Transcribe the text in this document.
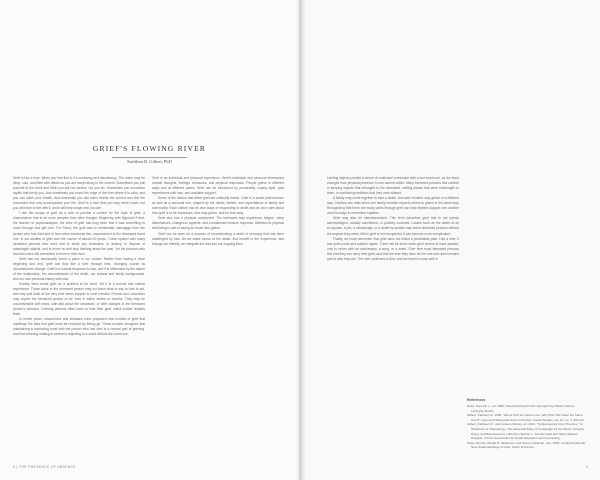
GRIEF'S FLOWING RIVER
Kathleen R. Gilbert, PhD

Grief is like a river. When you first find it, it's confusing and disorienting. The water may be deep, cold, and filled with debris so you are swept along in the current. Sometimes you pull yourself to the bank and think you will not survive, but you do. Sometimes you encounter rapids that terrify you. And sometimes you reach the edge of the river where it is calm, and you can catch your breath. And eventually you can swim beside the current and feel the movement that now accompanies your life. Grief is a river that you may never leave, but you will learn to live with it, and it will help shape who you are.

I use this image of grief as a river to provide a context for the topic of grief, a phenomenon that is far more complex than often thought. Beginning with Sigmund Freud, the founder of psychoanalysis, the view of grief has long been that it was something to move through and get over. For Freud, the goal was to emotionally disengage from the person who has died and to form other emotional ties, unconnected to the deceased loved one. In our studies of grief over the course of almost 40 years, I have spoken with many bereaved persons who were told to avoid any reminders, to destroy or dispose of meaningful objects, and to move on and stop thinking about the past. Yet the persons who had died were still connected to them in their lives.

Grief has not necessarily found a place in our culture. Rather than having a clear beginning and end, grief can flow like a river through time, changing course as circumstances change. Grief is a natural response to loss, and it is influenced by the nature of the relationship, the circumstances of the death, our cultural and family backgrounds, and our own personal history with loss.

Society often treats grief as a problem to be fixed. Yet it is a normal and natural experience. Those close to the bereaved person may not know what to say or how to act, and may pull back at the very time when support is most needed. Friends and coworkers may expect the bereaved person to be 'over it' within weeks or months. They may be uncomfortable with tears, with talk about the deceased, or with changes in the bereaved person's behavior. Grieving persons often learn to hide their grief, which further isolates them.

In recent years, researchers and clinicians have proposed new models of grief that challenge the idea that grief must be resolved by letting go. These models recognize that maintaining a continuing bond with the person who has died is a normal part of grieving, and that meaning-making is central to adjusting to a world without the loved one.

Grief is an individual and personal experience. Grief's individual and personal dimensions include thoughts, feelings, behaviors, and physical responses. People grieve in different ways and at different paces. Grief can be influenced by personality, coping style, past experiences with loss, and available support.

Some of the factors that affect grief are culturally based. Grief is a social phenomenon as well as a personal one, shaped by the rituals, beliefs, and expectations of family and community. Each culture has its own ways of responding to death and its own rules about how grief is to be expressed, who may grieve, and for how long.

Grief also has a physical component. The bereaved may experience fatigue, sleep disturbances, changes in appetite, and a weakened immune response. Attention to physical well-being is part of caring for those who grieve.

Grief can be seen as a process of reconstructing a world of meaning that has been challenged by loss. As we make sense of the death, find benefit in the experience, and change our identity, we integrate the loss into our ongoing lives.

8 | THE PRESENCE OF ABSENCE

Limiting objects provide a sense of continued connection with a lost loved one, as the bond changes from physical presence to one carried within. Many bereaved persons find comfort in keeping objects that belonged to the deceased, visiting places that were meaningful to them, or continuing traditions that they once shared.

A family may come together to face a death, but each member may grieve in a different way. Conflicts can arise when one family member expects others to grieve in the same way. Recognizing that there are many paths through grief can help families support one another and find ways to remember together.

Grief may also be disenfranchised. This term describes grief that is not openly acknowledged, socially sanctioned, or publicly mourned. Losses such as the death of an ex-spouse, a pet, a miscarriage, or a death by suicide may leave bereaved persons without the support they need. When grief is not recognized, it can become more complicated.

Finally, we must remember that grief does not follow a predictable path. Like a river, it has quiet pools and sudden rapids. There will be times when grief seems to have passed, only to return with an anniversary, a song, or a scent. Over time most bereaved persons find that they can carry their grief, and that the love they have for the one who died remains part of who they are. The river continues to flow, and we learn to move with it.

References
Doka, Kenneth J., ed. 1989. Disenfranchised Grief: Recognizing Hidden Sorrow. Lexington Books.
Gilbert, Kathleen R. 1996. "We've Had the Same Loss, Why Don't We Have the Same Grief?" Loss and Differential Grief in Families. Death Studies, vol. 20, no. 3, 269–83.
Gilbert, Kathleen R., and Colleen Murray, ed. 2021. "Contemporary Grief Theories." In Handbook of Thanatology: The Essential Body of Knowledge for the Study of Death, Dying, and Bereavement, edited by Heather L. Servaty-Seib and Helen Stanton Chapple, 3rd ed. Association for Death Education and Counseling.
Klass, Dennis, Phyllis R. Silverman, and Steven Nickman, eds. 1996. Continuing Bonds: New Understandings of Grief. Taylor & Francis.
9
